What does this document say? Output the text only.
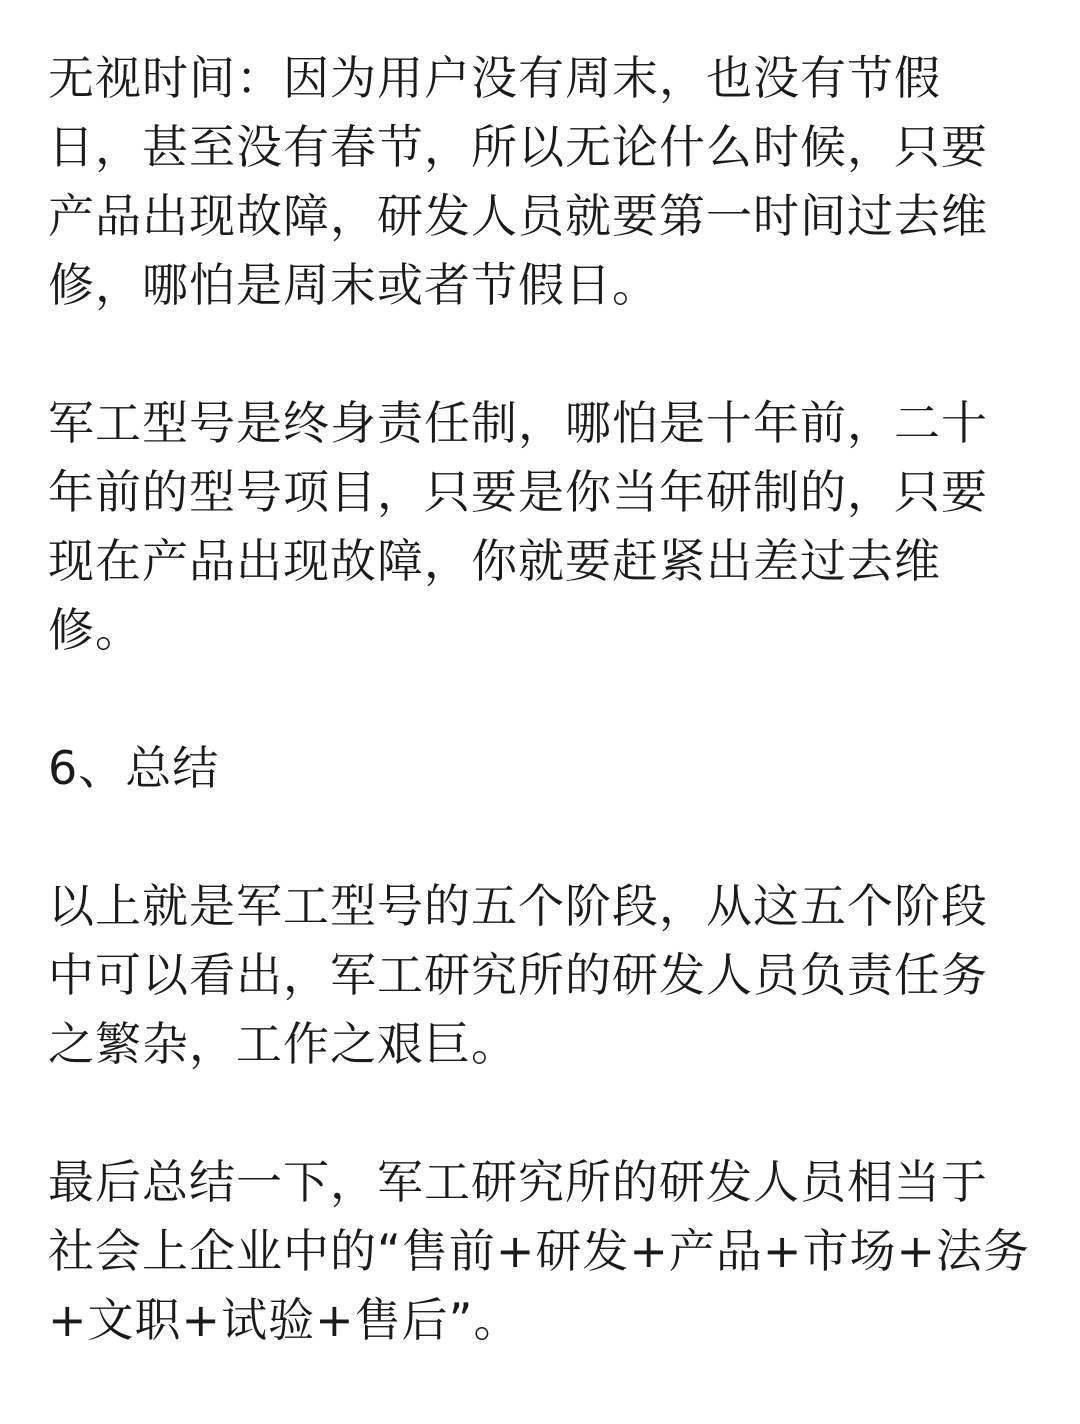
无视时间：因为用户没有周末，也没有节假
日，甚至没有春节，所以无论什么时候，只要
产品出现故障，研发人员就要第一时间过去维
修，哪怕是周末或者节假日。

军工型号是终身责任制，哪怕是十年前，二十
年前的型号项目，只要是你当年研制的，只要
现在产品出现故障，你就要赶紧出差过去维
修。

6、总结

以上就是军工型号的五个阶段，从这五个阶段
中可以看出，军工研究所的研发人员负责任务
之繁杂，工作之艰巨。

最后总结一下，军工研究所的研发人员相当于
社会上企业中的“售前+研发+产品+市场+法务
+文职+试验+售后”。
